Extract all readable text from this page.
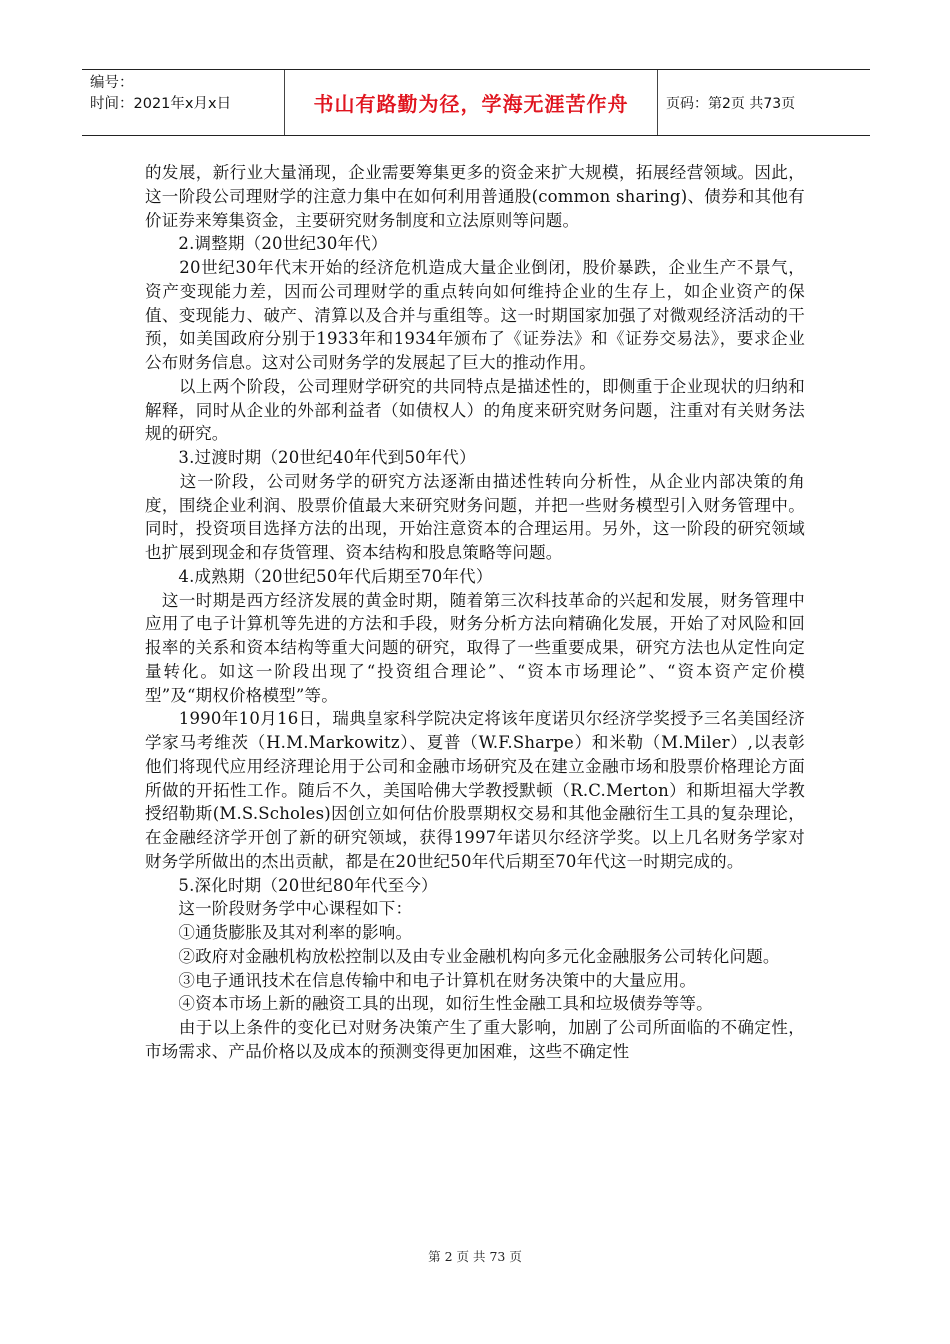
编号：
时间：2021年x月x日	书山有路勤为径，学海无涯苦作舟	页码：第2页 共73页

的发展，新行业大量涌现，企业需要筹集更多的资金来扩大规模，拓展经营领域。因此，这一阶段公司理财学的注意力集中在如何利用普通股(common sharing)、债券和其他有价证券来筹集资金，主要研究财务制度和立法原则等问题。

　　2.调整期（20世纪30年代）

　　20世纪30年代末开始的经济危机造成大量企业倒闭，股价暴跌，企业生产不景气，资产变现能力差，因而公司理财学的重点转向如何维持企业的生存上，如企业资产的保值、变现能力、破产、清算以及合并与重组等。这一时期国家加强了对微观经济活动的干预，如美国政府分别于1933年和1934年颁布了《证券法》和《证券交易法》，要求企业公布财务信息。这对公司财务学的发展起了巨大的推动作用。

　　以上两个阶段，公司理财学研究的共同特点是描述性的，即侧重于企业现状的归纳和解释，同时从企业的外部利益者（如债权人）的角度来研究财务问题，注重对有关财务法规的研究。

　　3.过渡时期（20世纪40年代到50年代）

　　这一阶段，公司财务学的研究方法逐渐由描述性转向分析性，从企业内部决策的角度，围绕企业利润、股票价值最大来研究财务问题，并把一些财务模型引入财务管理中。同时，投资项目选择方法的出现，开始注意资本的合理运用。另外，这一阶段的研究领域也扩展到现金和存货管理、资本结构和股息策略等问题。

　　4.成熟期（20世纪50年代后期至70年代）

　这一时期是西方经济发展的黄金时期，随着第三次科技革命的兴起和发展，财务管理中应用了电子计算机等先进的方法和手段，财务分析方法向精确化发展，开始了对风险和回报率的关系和资本结构等重大问题的研究，取得了一些重要成果，研究方法也从定性向定量转化。如这一阶段出现了“投资组合理论”、“资本市场理论”、“资本资产定价模型”及“期权价格模型”等。

　　1990年10月16日，瑞典皇家科学院决定将该年度诺贝尔经济学奖授予三名美国经济学家马考维茨（H.M.Markowitz）、夏普（W.F.Sharpe）和米勒（M.Miler）,以表彰他们将现代应用经济理论用于公司和金融市场研究及在建立金融市场和股票价格理论方面所做的开拓性工作。随后不久，美国哈佛大学教授默顿（R.C.Merton）和斯坦福大学教授绍勒斯(M.S.Scholes)因创立如何估价股票期权交易和其他金融衍生工具的复杂理论，在金融经济学开创了新的研究领域，获得1997年诺贝尔经济学奖。以上几名财务学家对财务学所做出的杰出贡献，都是在20世纪50年代后期至70年代这一时期完成的。

　　5.深化时期（20世纪80年代至今）

　　这一阶段财务学中心课程如下：

　　①通货膨胀及其对利率的影响。

　　②政府对金融机构放松控制以及由专业金融机构向多元化金融服务公司转化问题。

　　③电子通讯技术在信息传输中和电子计算机在财务决策中的大量应用。

　　④资本市场上新的融资工具的出现，如衍生性金融工具和垃圾债券等等。

　　由于以上条件的变化已对财务决策产生了重大影响，加剧了公司所面临的不确定性，市场需求、产品价格以及成本的预测变得更加困难，这些不确定性

第 2 页 共 73 页
